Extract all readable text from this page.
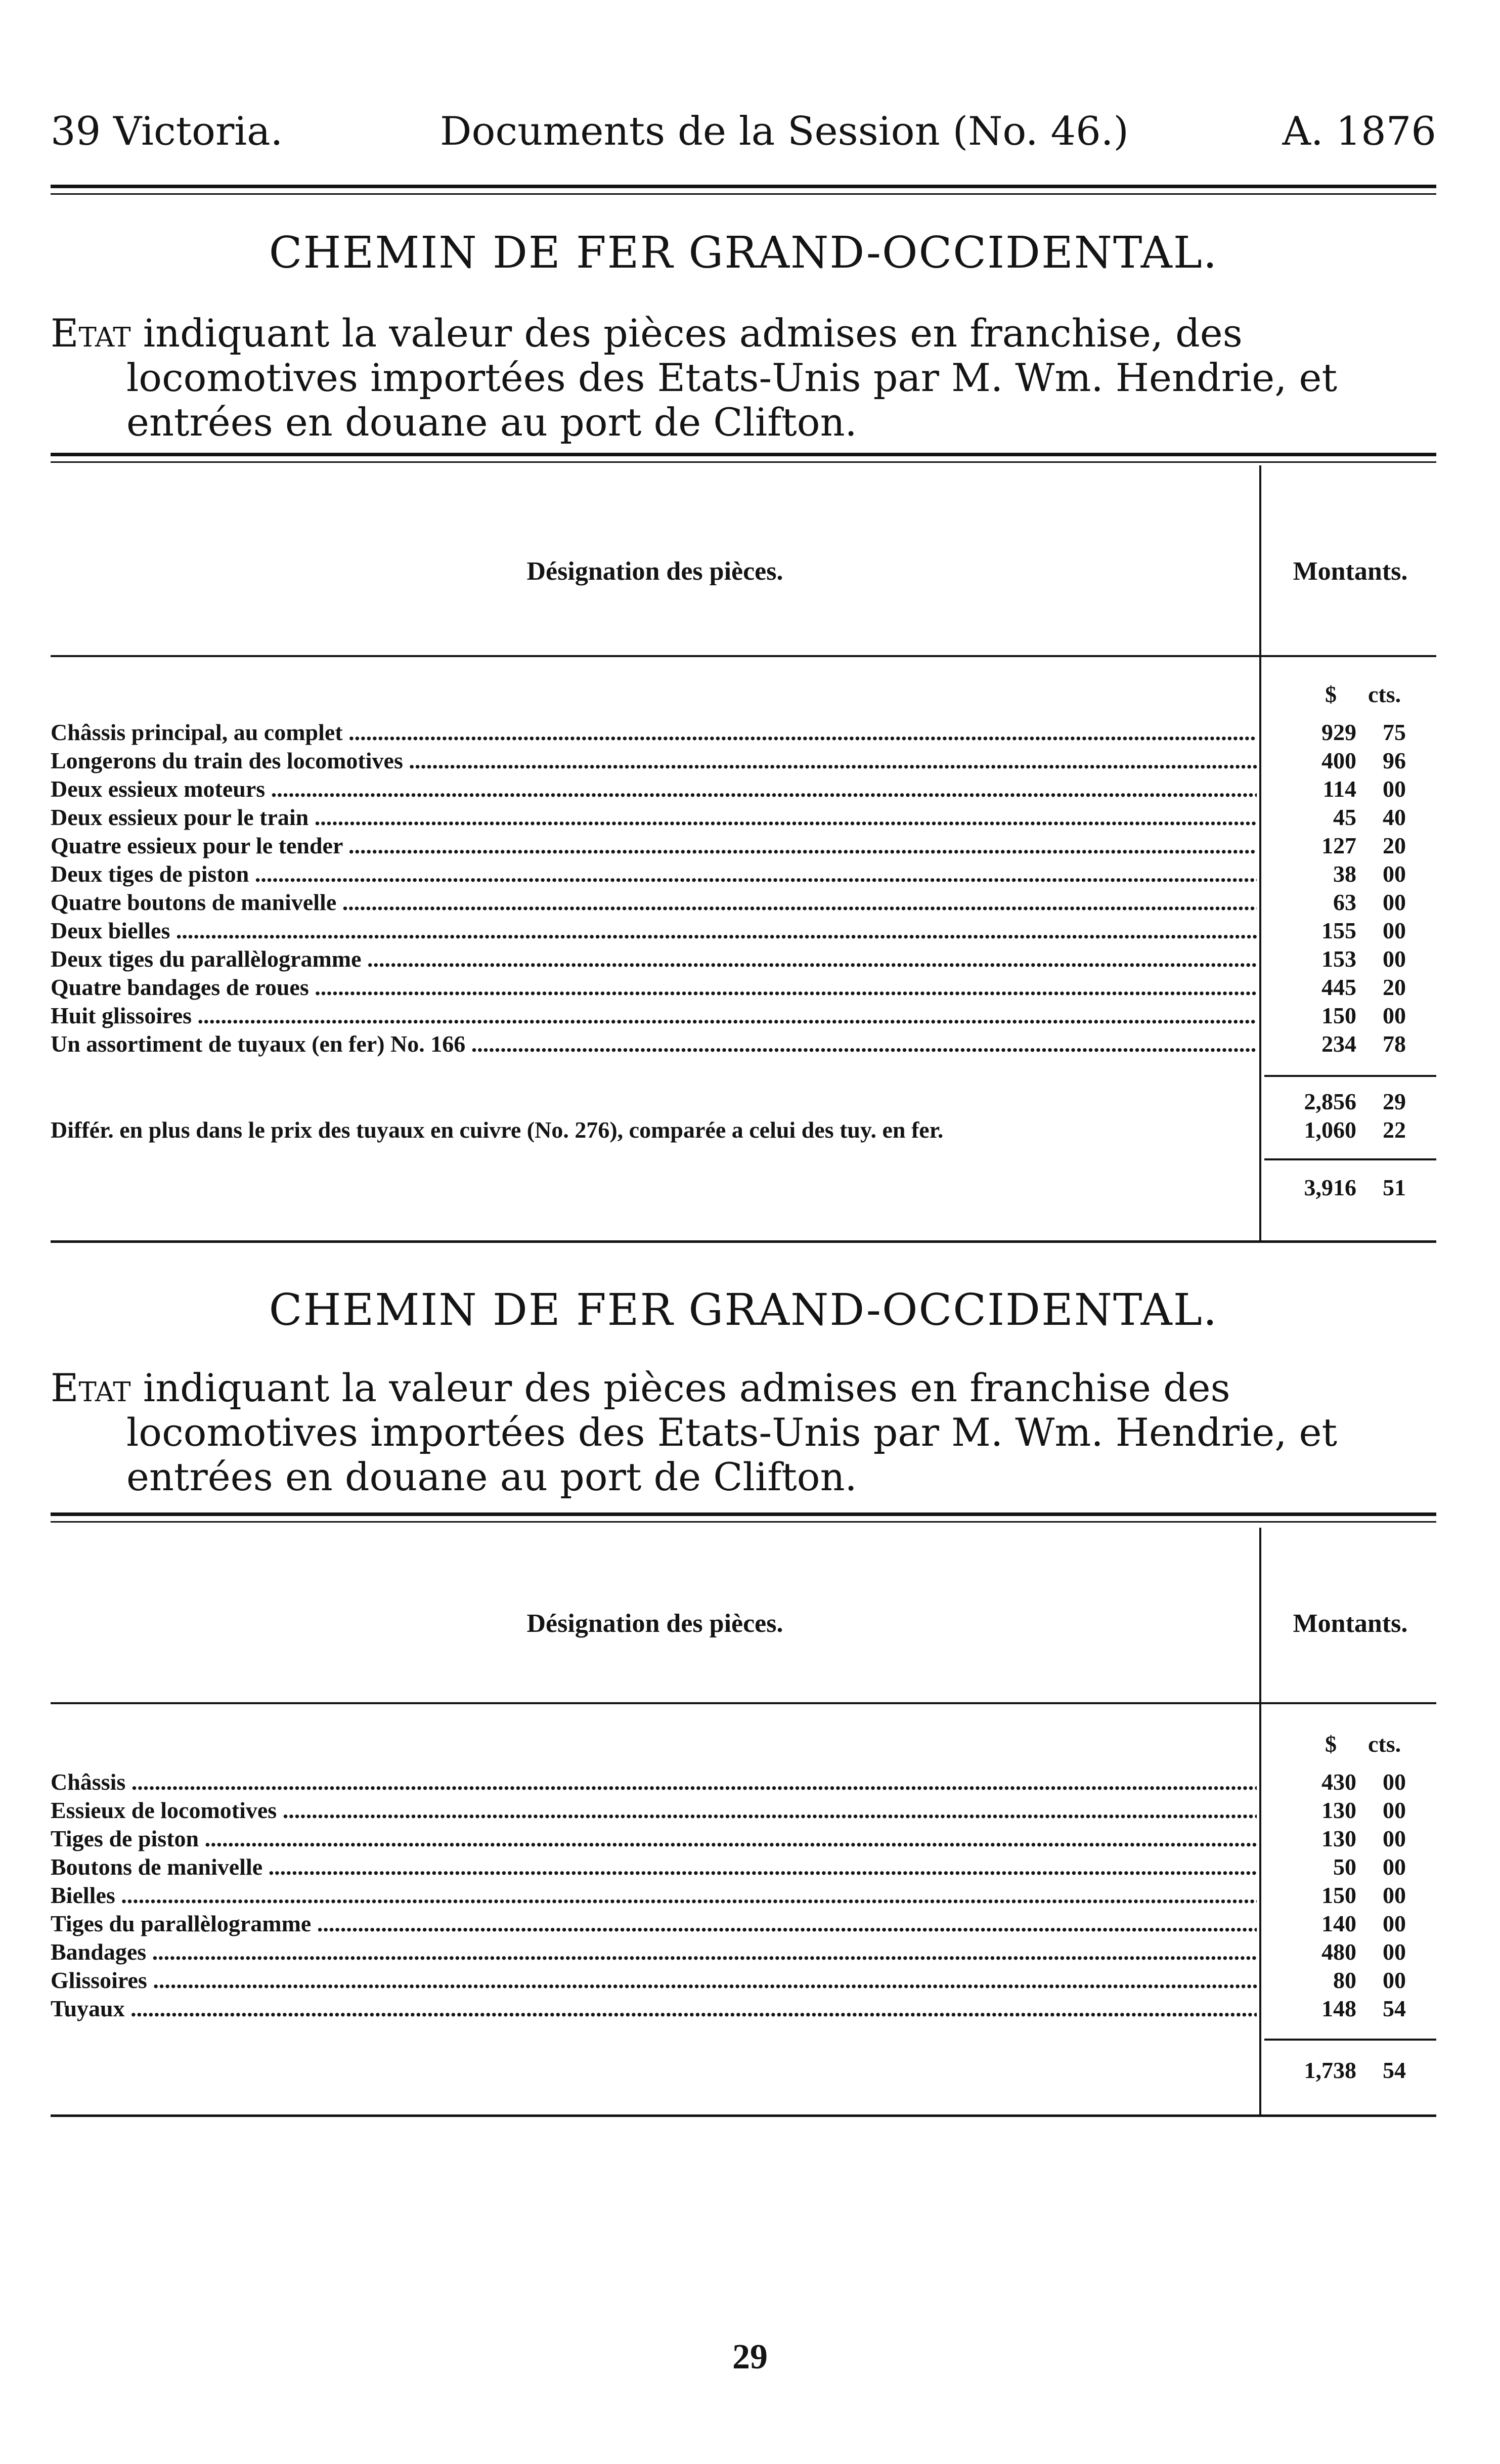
39 Victoria.	Documents de la Session (No. 46.)	A. 1876
CHEMIN DE FER GRAND-OCCIDENTAL.
Etat indiquant la valeur des pièces admises en franchise, des locomotives importées des Etats-Unis par M. Wm. Hendrie, et entrées en douane au port de Clifton.
Désignation des pièces.	Montants.
$ cts.
Châssis principal, au complet .....	929	75
Longerons du train des locomotives .....	400	96
Deux essieux moteurs .....	114	00
Deux essieux pour le train .....	45	40
Quatre essieux pour le tender .....	127	20
Deux tiges de piston .....	38	00
Quatre boutons de manivelle .....	63	00
Deux bielles .....	155	00
Deux tiges du parallèlogramme .....	153	00
Quatre bandages de roues .....	445	20
Huit glissoires .....	150	00
Un assortiment de tuyaux (en fer) No. 166 .....	234	78
2,856	29
Différ. en plus dans le prix des tuyaux en cuivre (No. 276), comparée a celui des tuy. en fer.	1,060	22
3,916	51
CHEMIN DE FER GRAND-OCCIDENTAL.
Etat indiquant la valeur des pièces admises en franchise des locomotives importées des Etats-Unis par M. Wm. Hendrie, et entrées en douane au port de Clifton.
Désignation des pièces.	Montants.
$ cts.
Châssis .....	430	00
Essieux de locomotives .....	130	00
Tiges de piston .....	130	00
Boutons de manivelle .....	50	00
Bielles .....	150	00
Tiges du parallèlogramme .....	140	00
Bandages .....	480	00
Glissoires .....	80	00
Tuyaux .....	148	54
1,738	54
29
